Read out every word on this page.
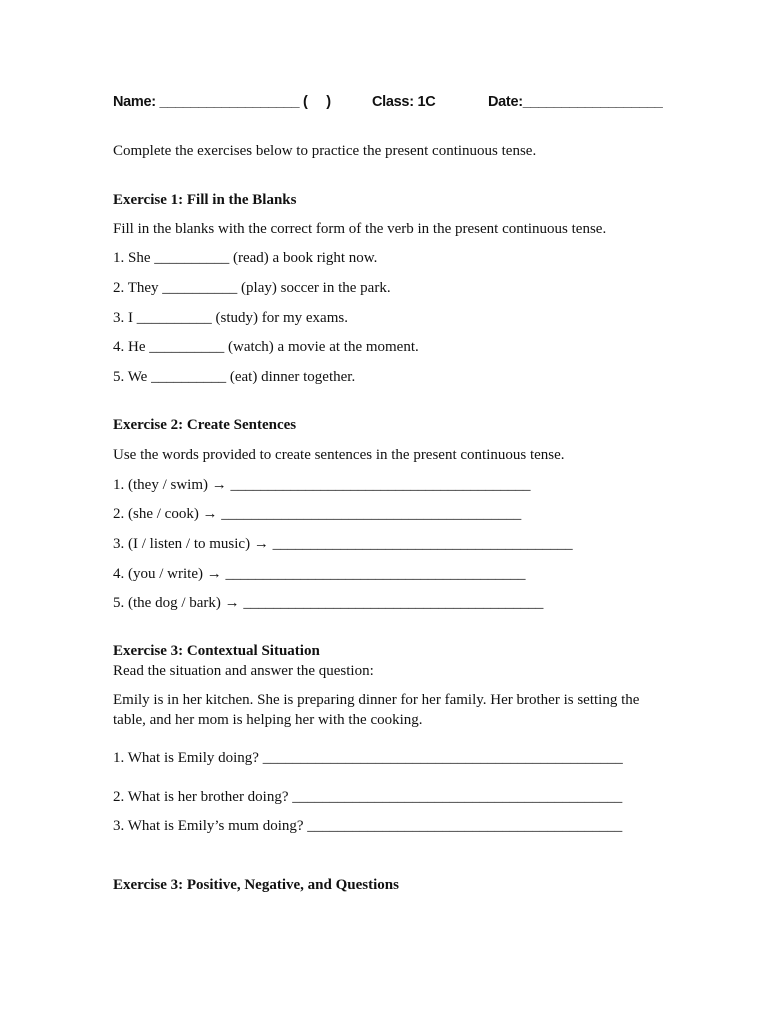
Name: __________________ (     )	Class: 1C	Date:__________________
Complete the exercises below to practice the present continuous tense.
Exercise 1: Fill in the Blanks
Fill in the blanks with the correct form of the verb in the present continuous tense.
1. She __________ (read) a book right now.
2. They __________ (play) soccer in the park.
3. I __________ (study) for my exams.
4. He __________ (watch) a movie at the moment.
5. We __________ (eat) dinner together.
Exercise 2: Create Sentences
Use the words provided to create sentences in the present continuous tense.
1. (they / swim) → ________________________________________
2. (she / cook) → ________________________________________
3. (I / listen / to music) → ________________________________________
4. (you / write) → ________________________________________
5. (the dog / bark) → ________________________________________
Exercise 3: Contextual Situation
Read the situation and answer the question:
Emily is in her kitchen. She is preparing dinner for her family. Her brother is setting the table, and her mom is helping her with the cooking.
1. What is Emily doing? ________________________________________________
2. What is her brother doing? ____________________________________________
3. What is Emily’s mum doing? __________________________________________
Exercise 3: Positive, Negative, and Questions
